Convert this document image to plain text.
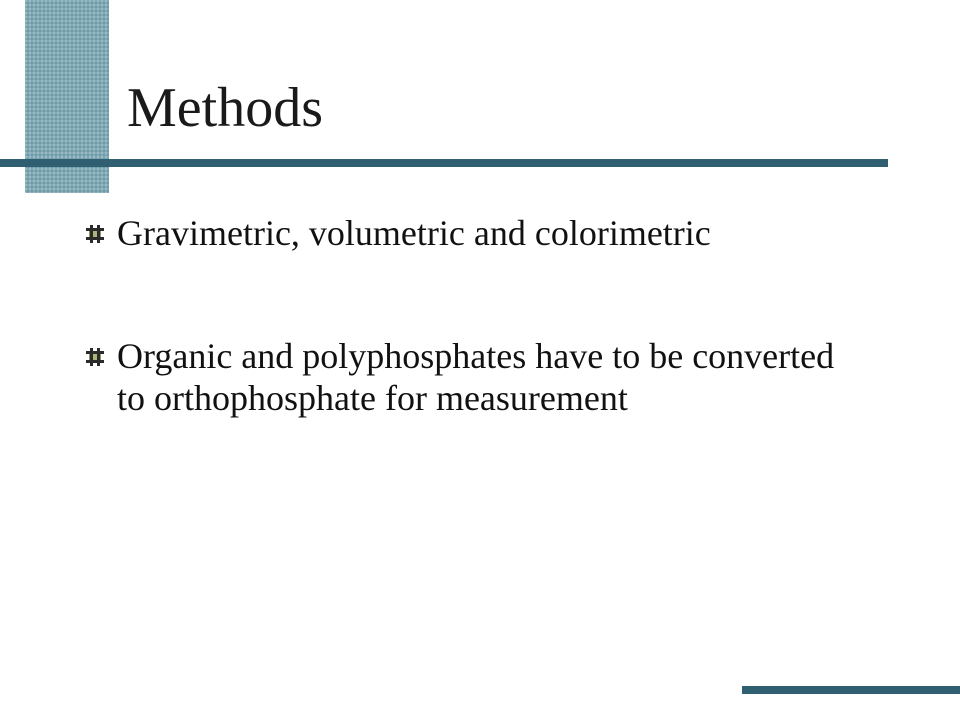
Methods
Gravimetric, volumetric and colorimetric
Organic and polyphosphates have to be converted to orthophosphate for measurement
